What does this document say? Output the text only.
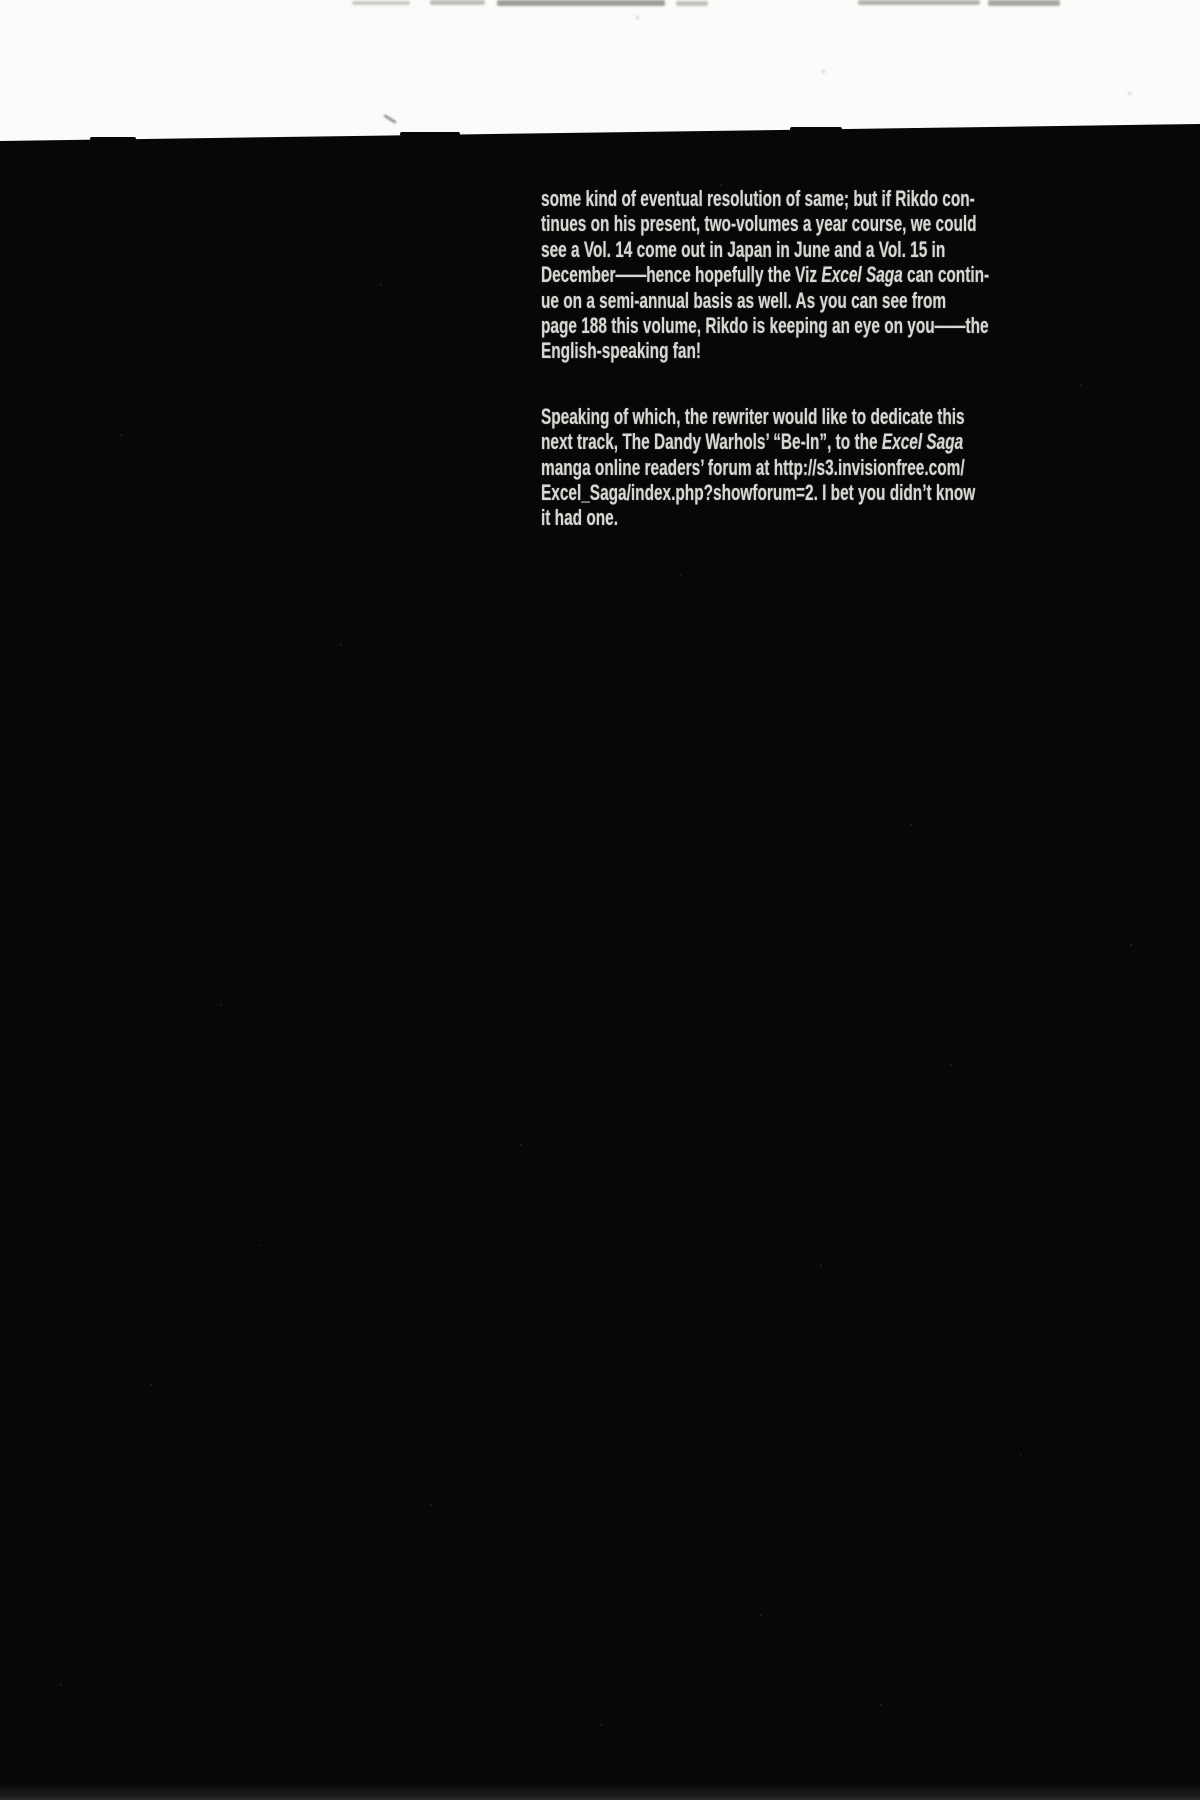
some kind of eventual resolution of same; but if Rikdo con-
tinues on his present, two-volumes a year course, we could
see a Vol. 14 come out in Japan in June and a Vol. 15 in
December——hence hopefully the Viz Excel Saga can contin-
ue on a semi-annual basis as well. As you can see from
page 188 this volume, Rikdo is keeping an eye on you——the
English-speaking fan!
Speaking of which, the rewriter would like to dedicate this
next track, The Dandy Warhols’ “Be-In”, to the Excel Saga
manga online readers’ forum at http://s3.invisionfree.com/
Excel_Saga/index.php?showforum=2. I bet you didn’t know
it had one.
